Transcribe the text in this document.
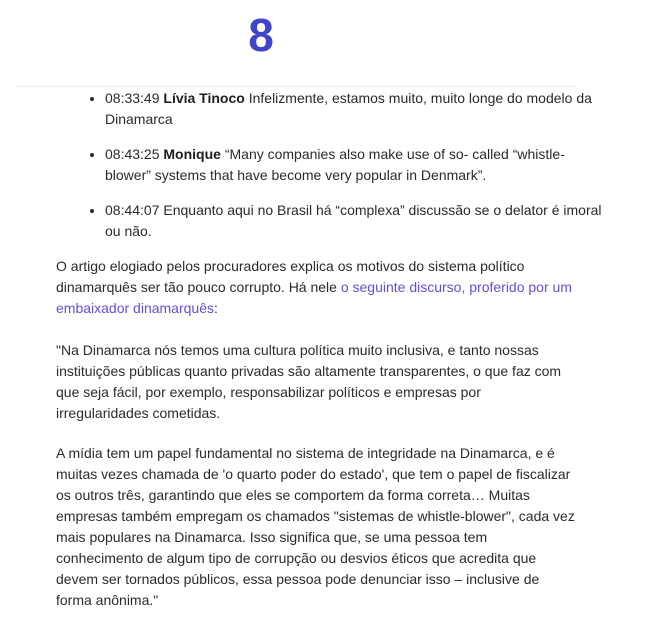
8
• 08:33:49 Lívia Tinoco Infelizmente, estamos muito, muito longe do modelo da Dinamarca
• 08:43:25 Monique “Many companies also make use of so- called “whistle-blower” systems that have become very popular in Denmark”.
• 08:44:07 Enquanto aqui no Brasil há “complexa” discussão se o delator é imoral ou não.

O artigo elogiado pelos procuradores explica os motivos do sistema político dinamarquês ser tão pouco corrupto. Há nele o seguinte discurso, proferido por um embaixador dinamarquês:

"Na Dinamarca nós temos uma cultura política muito inclusiva, e tanto nossas instituições públicas quanto privadas são altamente transparentes, o que faz com que seja fácil, por exemplo, responsabilizar políticos e empresas por irregularidades cometidas.

A mídia tem um papel fundamental no sistema de integridade na Dinamarca, e é muitas vezes chamada de 'o quarto poder do estado', que tem o papel de fiscalizar os outros três, garantindo que eles se comportem da forma correta… Muitas empresas também empregam os chamados "sistemas de whistle-blower", cada vez mais populares na Dinamarca. Isso significa que, se uma pessoa tem conhecimento de algum tipo de corrupção ou desvios éticos que acredita que devem ser tornados públicos, essa pessoa pode denunciar isso – inclusive de forma anônima."
